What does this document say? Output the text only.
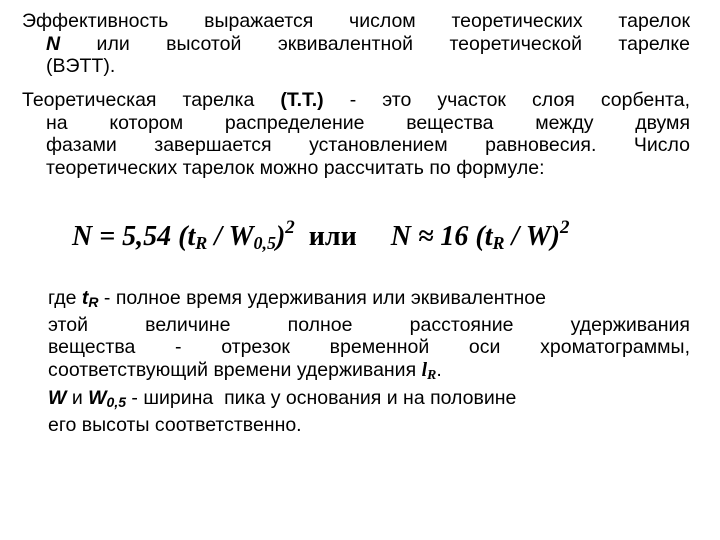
Эффективность выражается числом теоретических тарелок
N или высотой эквивалентной теоретической тарелке
(ВЭТТ).
Теоретическая тарелка (Т.Т.) - это участок слоя сорбента,
на котором распределение вещества между двумя
фазами завершается установлением равновесия. Число
теоретических тарелок можно рассчитать по формуле:
N = 5,54 $(t_R / W_{0,5})^2$ или N ≈ 16 $(t_R / W)^2$
где tR - полное время удерживания или эквивалентное
этой величине полное расстояние удерживания
вещества - отрезок временной оси хроматограммы,
соответствующий времени удерживания lR.
W и W0,5 - ширина  пика у основания и на половине
его высоты соответственно.
